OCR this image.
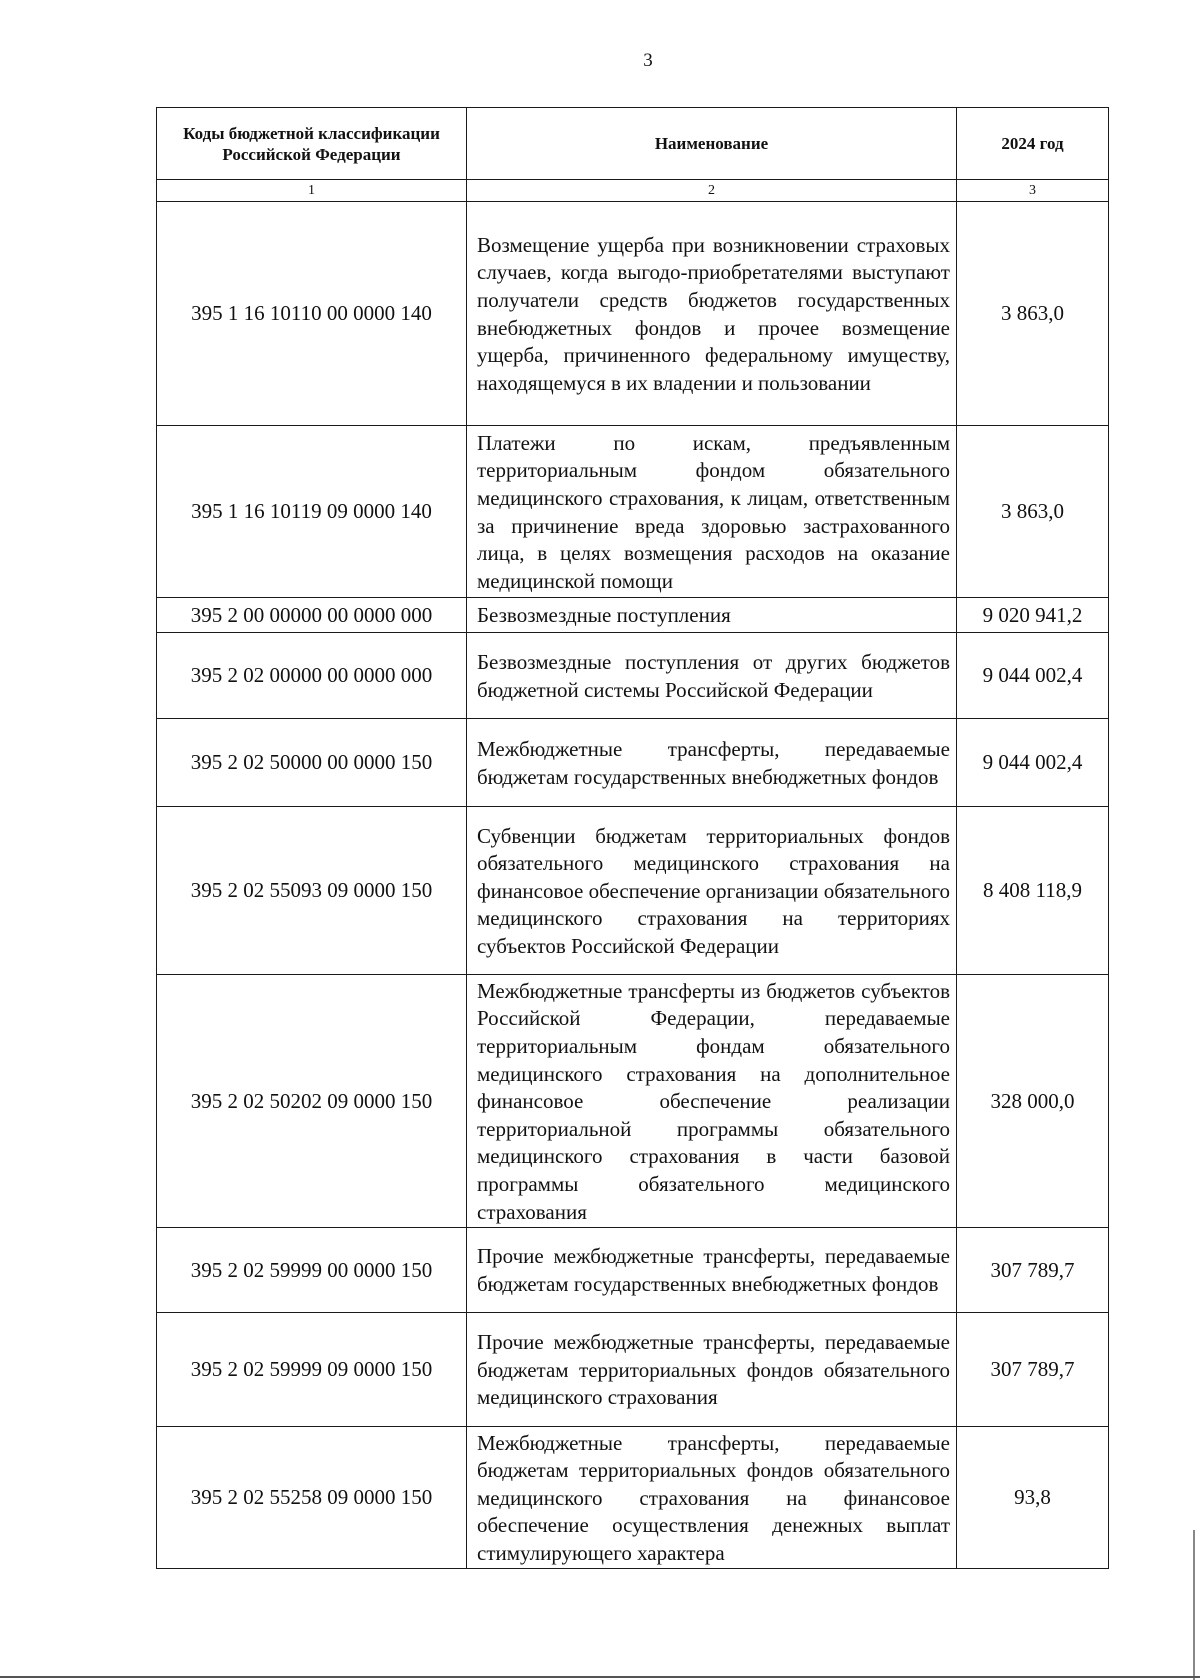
3
Коды бюджетной классификации Российской Федерации	Наименование	2024 год
1	2	3
395 1 16 10110 00 0000 140	Возмещение ущерба при возникновении страховых случаев, когда выгодо-приобретателями выступают получатели средств бюджетов государственных внебюджетных фондов и прочее возмещение ущерба, причиненного федеральному имуществу, находящемуся в их владении и пользовании	3 863,0
395 1 16 10119 09 0000 140	Платежи по искам, предъявленным территориальным фондом обязательного медицинского страхования, к лицам, ответственным за причинение вреда здоровью застрахованного лица, в целях возмещения расходов на оказание медицинской помощи	3 863,0
395 2 00 00000 00 0000 000	Безвозмездные поступления	9 020 941,2
395 2 02 00000 00 0000 000	Безвозмездные поступления от других бюджетов бюджетной системы Российской Федерации	9 044 002,4
395 2 02 50000 00 0000 150	Межбюджетные трансферты, передаваемые бюджетам государственных внебюджетных фондов	9 044 002,4
395 2 02 55093 09 0000 150	Субвенции бюджетам территориальных фондов обязательного медицинского страхования на финансовое обеспечение организации обязательного медицинского страхования на территориях субъектов Российской Федерации	8 408 118,9
395 2 02 50202 09 0000 150	Межбюджетные трансферты из бюджетов субъектов Российской Федерации, передаваемые территориальным фондам обязательного медицинского страхования на дополнительное финансовое обеспечение реализации территориальной программы обязательного медицинского страхования в части базовой программы обязательного медицинского страхования	328 000,0
395 2 02 59999 00 0000 150	Прочие межбюджетные трансферты, передаваемые бюджетам государственных внебюджетных фондов	307 789,7
395 2 02 59999 09 0000 150	Прочие межбюджетные трансферты, передаваемые бюджетам территориальных фондов обязательного медицинского страхования	307 789,7
395 2 02 55258 09 0000 150	Межбюджетные трансферты, передаваемые бюджетам территориальных фондов обязательного медицинского страхования на финансовое обеспечение осуществления денежных выплат стимулирующего характера	93,8
